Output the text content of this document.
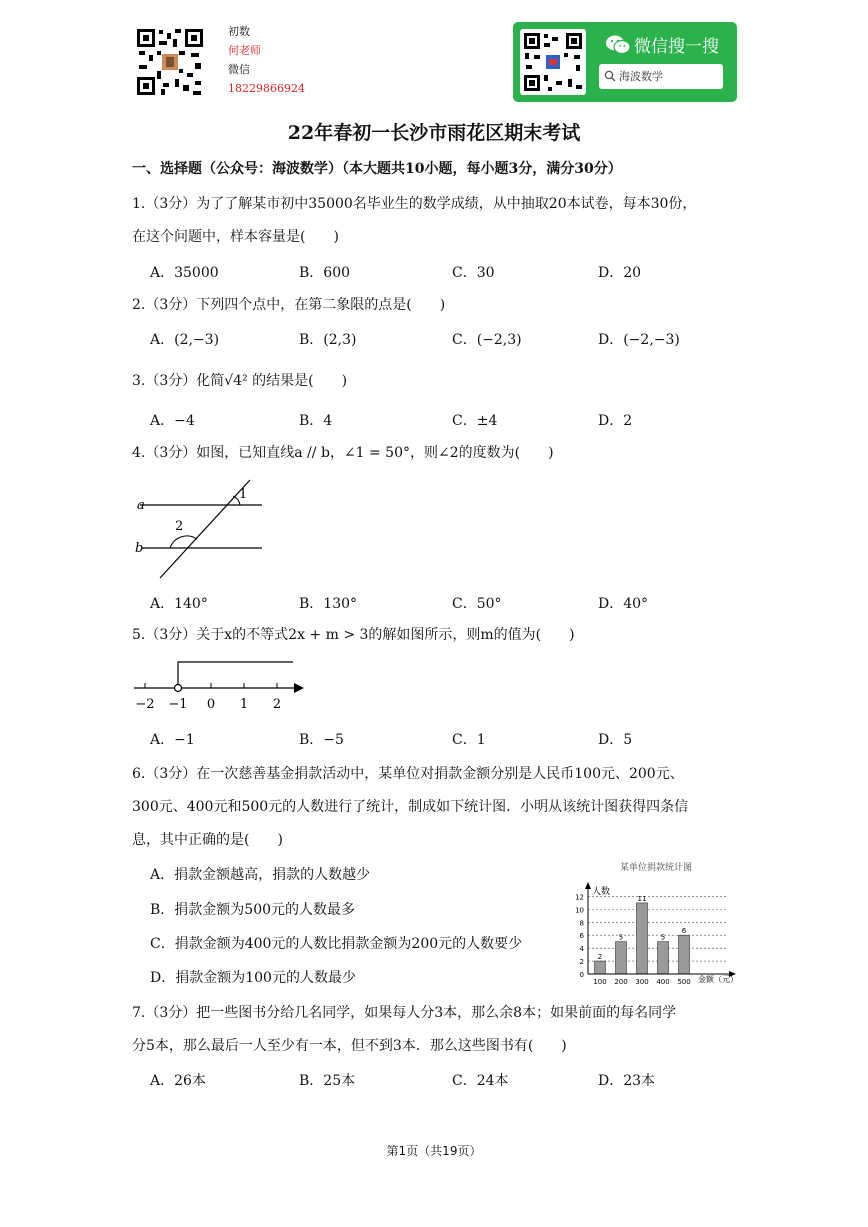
初数
何老师
微信
18229866924
微信搜一搜
海波数学
22年春初一长沙市雨花区期末考试
一、选择题（公众号：海波数学）（本大题共10小题，每小题3分，满分30分）
1.（3分）为了了解某市初中35000名毕业生的数学成绩，从中抽取20本试卷，每本30份，
在这个问题中，样本容量是(　　)
A．35000	B．600	C．30	D．20
2.（3分）下列四个点中，在第二象限的点是(　　)
A．(2,−3)	B．(2,3)	C．(−2,3)	D．(−2,−3)
3.（3分）化简√4² 的结果是(　　)
A．−4	B．4	C．±4	D．2
4.（3分）如图，已知直线a // b，∠1 = 50°，则∠2的度数为(　　)
a
b
1
2
A．140°	B．130°	C．50°	D．40°
5.（3分）关于x的不等式2x + m > 3的解如图所示，则m的值为(　　)
−2 −1 0 1 2
A．−1	B．−5	C．1	D．5
6.（3分）在一次慈善基金捐款活动中，某单位对捐款金额分别是人民币100元、200元、
300元、400元和500元的人数进行了统计，制成如下统计图．小明从该统计图获得四条信
息，其中正确的是(　　)
A．捐款金额越高，捐款的人数越少
B．捐款金额为500元的人数最多
C．捐款金额为400元的人数比捐款金额为200元的人数要少
D．捐款金额为100元的人数最少
某单位捐款统计图
人数
金额（元）
0
2
4
6
8
10
12
2
100
5
200
11
300
5
400
6
500
7.（3分）把一些图书分给几名同学，如果每人分3本，那么余8本；如果前面的每名同学
分5本，那么最后一人至少有一本，但不到3本．那么这些图书有(　　)
A．26本	B．25本	C．24本	D．23本
第1页（共19页）
